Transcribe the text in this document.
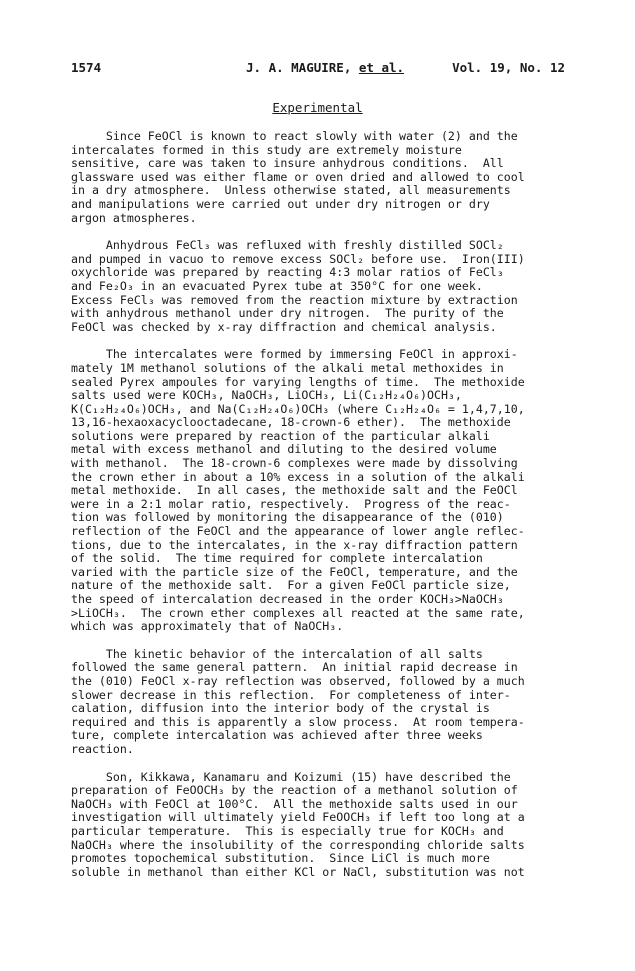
1574	J. A. MAGUIRE, et al.	Vol. 19, No. 12
Experimental
Since FeOCl is known to react slowly with water (2) and the
intercalates formed in this study are extremely moisture
sensitive, care was taken to insure anhydrous conditions.  All
glassware used was either flame or oven dried and allowed to cool
in a dry atmosphere.  Unless otherwise stated, all measurements
and manipulations were carried out under dry nitrogen or dry
argon atmospheres.
Anhydrous FeCl₃ was refluxed with freshly distilled SOCl₂
and pumped in vacuo to remove excess SOCl₂ before use.  Iron(III)
oxychloride was prepared by reacting 4:3 molar ratios of FeCl₃
and Fe₂O₃ in an evacuated Pyrex tube at 350°C for one week.
Excess FeCl₃ was removed from the reaction mixture by extraction
with anhydrous methanol under dry nitrogen.  The purity of the
FeOCl was checked by x-ray diffraction and chemical analysis.
The intercalates were formed by immersing FeOCl in approxi-
mately 1M methanol solutions of the alkali metal methoxides in
sealed Pyrex ampoules for varying lengths of time.  The methoxide
salts used were KOCH₃, NaOCH₃, LiOCH₃, Li(C₁₂H₂₄O₆)OCH₃,
K(C₁₂H₂₄O₆)OCH₃, and Na(C₁₂H₂₄O₆)OCH₃ (where C₁₂H₂₄O₆ = 1,4,7,10,
13,16-hexaoxacyclooctadecane, 18-crown-6 ether).  The methoxide
solutions were prepared by reaction of the particular alkali
metal with excess methanol and diluting to the desired volume
with methanol.  The 18-crown-6 complexes were made by dissolving
the crown ether in about a 10% excess in a solution of the alkali
metal methoxide.  In all cases, the methoxide salt and the FeOCl
were in a 2:1 molar ratio, respectively.  Progress of the reac-
tion was followed by monitoring the disappearance of the (010)
reflection of the FeOCl and the appearance of lower angle reflec-
tions, due to the intercalates, in the x-ray diffraction pattern
of the solid.  The time required for complete intercalation
varied with the particle size of the FeOCl, temperature, and the
nature of the methoxide salt.  For a given FeOCl particle size,
the speed of intercalation decreased in the order KOCH₃>NaOCH₃
>LiOCH₃.  The crown ether complexes all reacted at the same rate,
which was approximately that of NaOCH₃.
The kinetic behavior of the intercalation of all salts
followed the same general pattern.  An initial rapid decrease in
the (010) FeOCl x-ray reflection was observed, followed by a much
slower decrease in this reflection.  For completeness of inter-
calation, diffusion into the interior body of the crystal is
required and this is apparently a slow process.  At room tempera-
ture, complete intercalation was achieved after three weeks
reaction.
Son, Kikkawa, Kanamaru and Koizumi (15) have described the
preparation of FeOOCH₃ by the reaction of a methanol solution of
NaOCH₃ with FeOCl at 100°C.  All the methoxide salts used in our
investigation will ultimately yield FeOOCH₃ if left too long at a
particular temperature.  This is especially true for KOCH₃ and
NaOCH₃ where the insolubility of the corresponding chloride salts
promotes topochemical substitution.  Since LiCl is much more
soluble in methanol than either KCl or NaCl, substitution was not
